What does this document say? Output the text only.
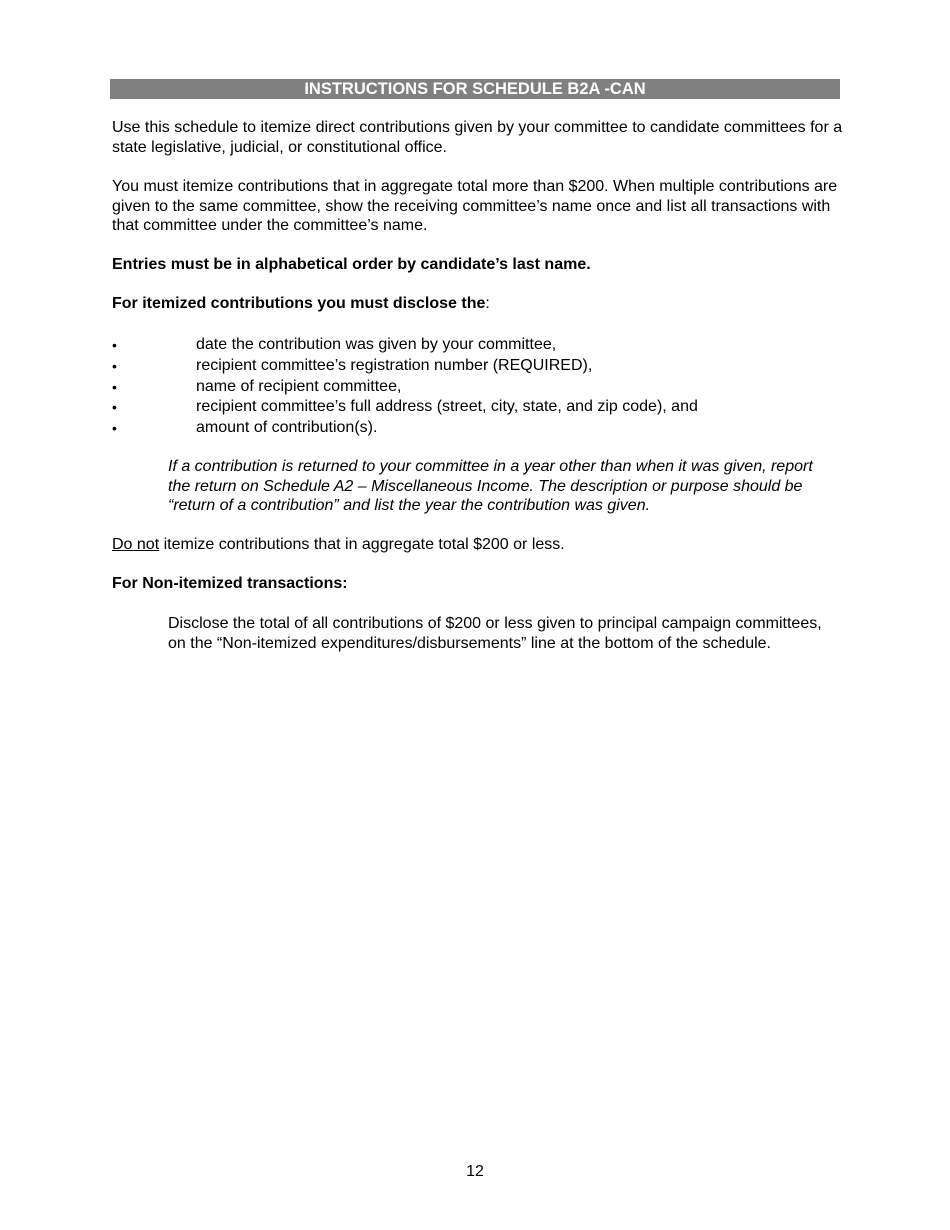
INSTRUCTIONS FOR SCHEDULE B2A -CAN

Use this schedule to itemize direct contributions given by your committee to candidate committees for a state legislative, judicial, or constitutional office.

You must itemize contributions that in aggregate total more than $200. When multiple contributions are given to the same committee, show the receiving committee’s name once and list all transactions with that committee under the committee’s name.

Entries must be in alphabetical order by candidate’s last name.

For itemized contributions you must disclose the:

•	date the contribution was given by your committee,
•	recipient committee’s registration number (REQUIRED),
•	name of recipient committee,
•	recipient committee’s full address (street, city, state, and zip code), and
•	amount of contribution(s).

If a contribution is returned to your committee in a year other than when it was given, report the return on Schedule A2 – Miscellaneous Income. The description or purpose should be “return of a contribution” and list the year the contribution was given.

Do not itemize contributions that in aggregate total $200 or less.

For Non-itemized transactions:

Disclose the total of all contributions of $200 or less given to principal campaign committees, on the “Non-itemized expenditures/disbursements” line at the bottom of the schedule.

12
